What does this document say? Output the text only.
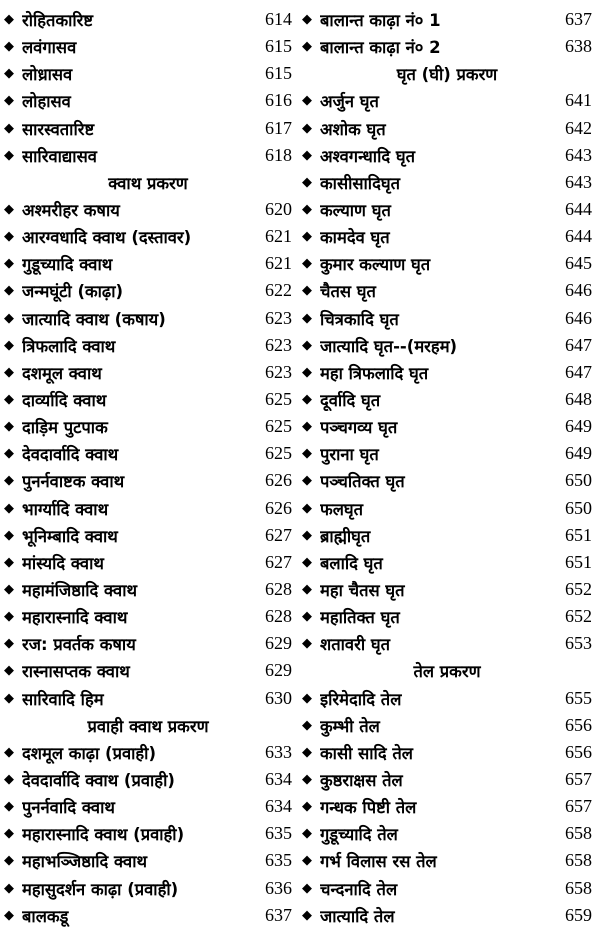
◆ रोहितकारिष्ट	614
◆ लवंगासव	615
◆ लोध्रासव	615
◆ लोहासव	616
◆ सारस्वतारिष्ट	617
◆ सारिवाद्यासव	618
क्वाथ प्रकरण
◆ अश्मरीहर कषाय	620
◆ आरग्वधादि क्वाथ (दस्तावर)	621
◆ गुडूच्यादि क्वाथ	621
◆ जन्मघूंटी (काढ़ा)	622
◆ जात्यादि क्वाथ (कषाय)	623
◆ त्रिफलादि क्वाथ	623
◆ दशमूल क्वाथ	623
◆ दार्व्यादि क्वाथ	625
◆ दाड़िम पुटपाक	625
◆ देवदार्वादि क्वाथ	625
◆ पुनर्नवाष्टक क्वाथ	626
◆ भार्ग्यादि क्वाथ	626
◆ भूनिम्बादि क्वाथ	627
◆ मांस्यदि क्वाथ	627
◆ महामंजिष्ठादि क्वाथ	628
◆ महारास्नादि क्वाथ	628
◆ रज: प्रवर्तक कषाय	629
◆ रास्नासप्तक क्वाथ	629
◆ सारिवादि हिम	630
प्रवाही क्वाथ प्रकरण
◆ दशमूल काढ़ा (प्रवाही)	633
◆ देवदार्वादि क्वाथ (प्रवाही)	634
◆ पुनर्नवादि क्वाथ	634
◆ महारास्नादि क्वाथ (प्रवाही)	635
◆ महाभञ्जिष्ठादि क्वाथ	635
◆ महासुदर्शन काढ़ा (प्रवाही)	636
◆ बालकडू	637
◆ बालान्त काढ़ा नं० 1	637
◆ बालान्त काढ़ा नं० 2	638
घृत (घी) प्रकरण
◆ अर्जुन घृत	641
◆ अशोक घृत	642
◆ अश्वगन्धादि घृत	643
◆ कासीसादिघृत	643
◆ कल्याण घृत	644
◆ कामदेव घृत	644
◆ कुमार कल्याण घृत	645
◆ चैतस घृत	646
◆ चित्रकादि घृत	646
◆ जात्यादि घृत--(मरहम)	647
◆ महा त्रिफलादि घृत	647
◆ दूर्वादि घृत	648
◆ पञ्चगव्य घृत	649
◆ पुराना घृत	649
◆ पञ्चतिक्त घृत	650
◆ फलघृत	650
◆ ब्राह्मीघृत	651
◆ बलादि घृत	651
◆ महा चैतस घृत	652
◆ महातिक्त घृत	652
◆ शतावरी घृत	653
तेल प्रकरण
◆ इरिमेदादि तेल	655
◆ कुम्भी तेल	656
◆ कासी सादि तेल	656
◆ कुष्ठराक्षस तेल	657
◆ गन्धक पिष्टी तेल	657
◆ गुडूच्यादि तेल	658
◆ गर्भ विलास रस तेल	658
◆ चन्दनादि तेल	658
◆ जात्यादि तेल	659
